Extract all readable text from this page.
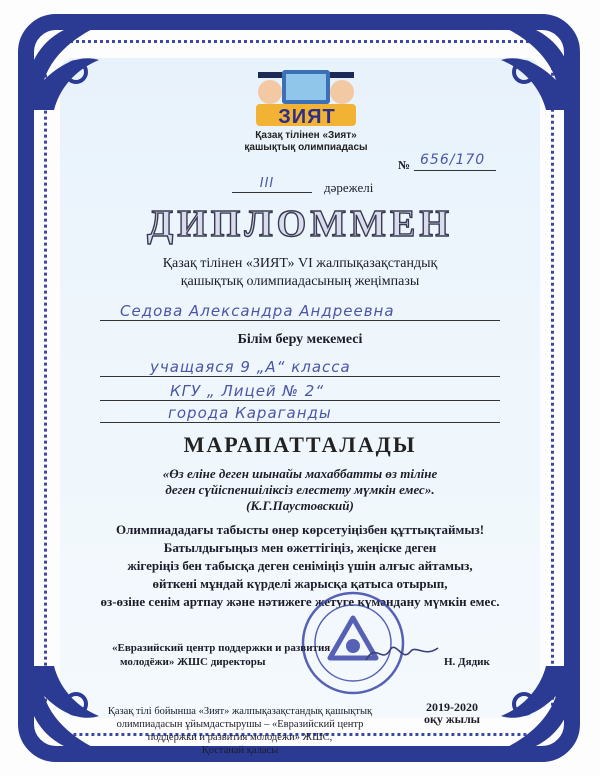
ЗИЯТ
Қазақ тілінен «Зият»
қашықтық олимпиадасы
№ 656/170
III	дәрежелі
ДИПЛОММЕН
Қазақ тілінен «ЗИЯТ» VI жалпықазақстандық
қашықтық олимпиадасының жеңімпазы
Седова Александра Андреевна
Білім беру мекемесі
учащаяся 9 „А“ класса
КГУ „ Лицей № 2“
города Караганды
МАРАПАТТАЛАДЫ
«Өз еліне деген шынайы махаббатты өз тіліне
деген сүйіспеншіліксіз елестету мүмкін емес».
(К.Г.Паустовский)
Олимпиададағы табысты өнер көрсетуіңізбен құттықтаймыз!
Батылдығыңыз мен өжеттігіңіз, жеңіске деген
жігеріңіз бен табысқа деген сеніміңіз үшін алғыс айтамыз,
өйткені мұндай күрделі жарысқа қатыса отырып,
өз-өзіне сенім артпау және нәтижеге жетуге күмәндану мүмкін емес.
«Евразийский центр поддержки и развития
молодёжи» ЖШС директоры	Н. Дядик
2019-2020
оқу жылы
Қазақ тілі бойынша «Зият» жалпықазақстандық қашықтық
олимпиадасын ұйымдастырушы – «Евразийский центр
поддержки и развития молодёжи» ЖШС,
Қостанай қаласы
